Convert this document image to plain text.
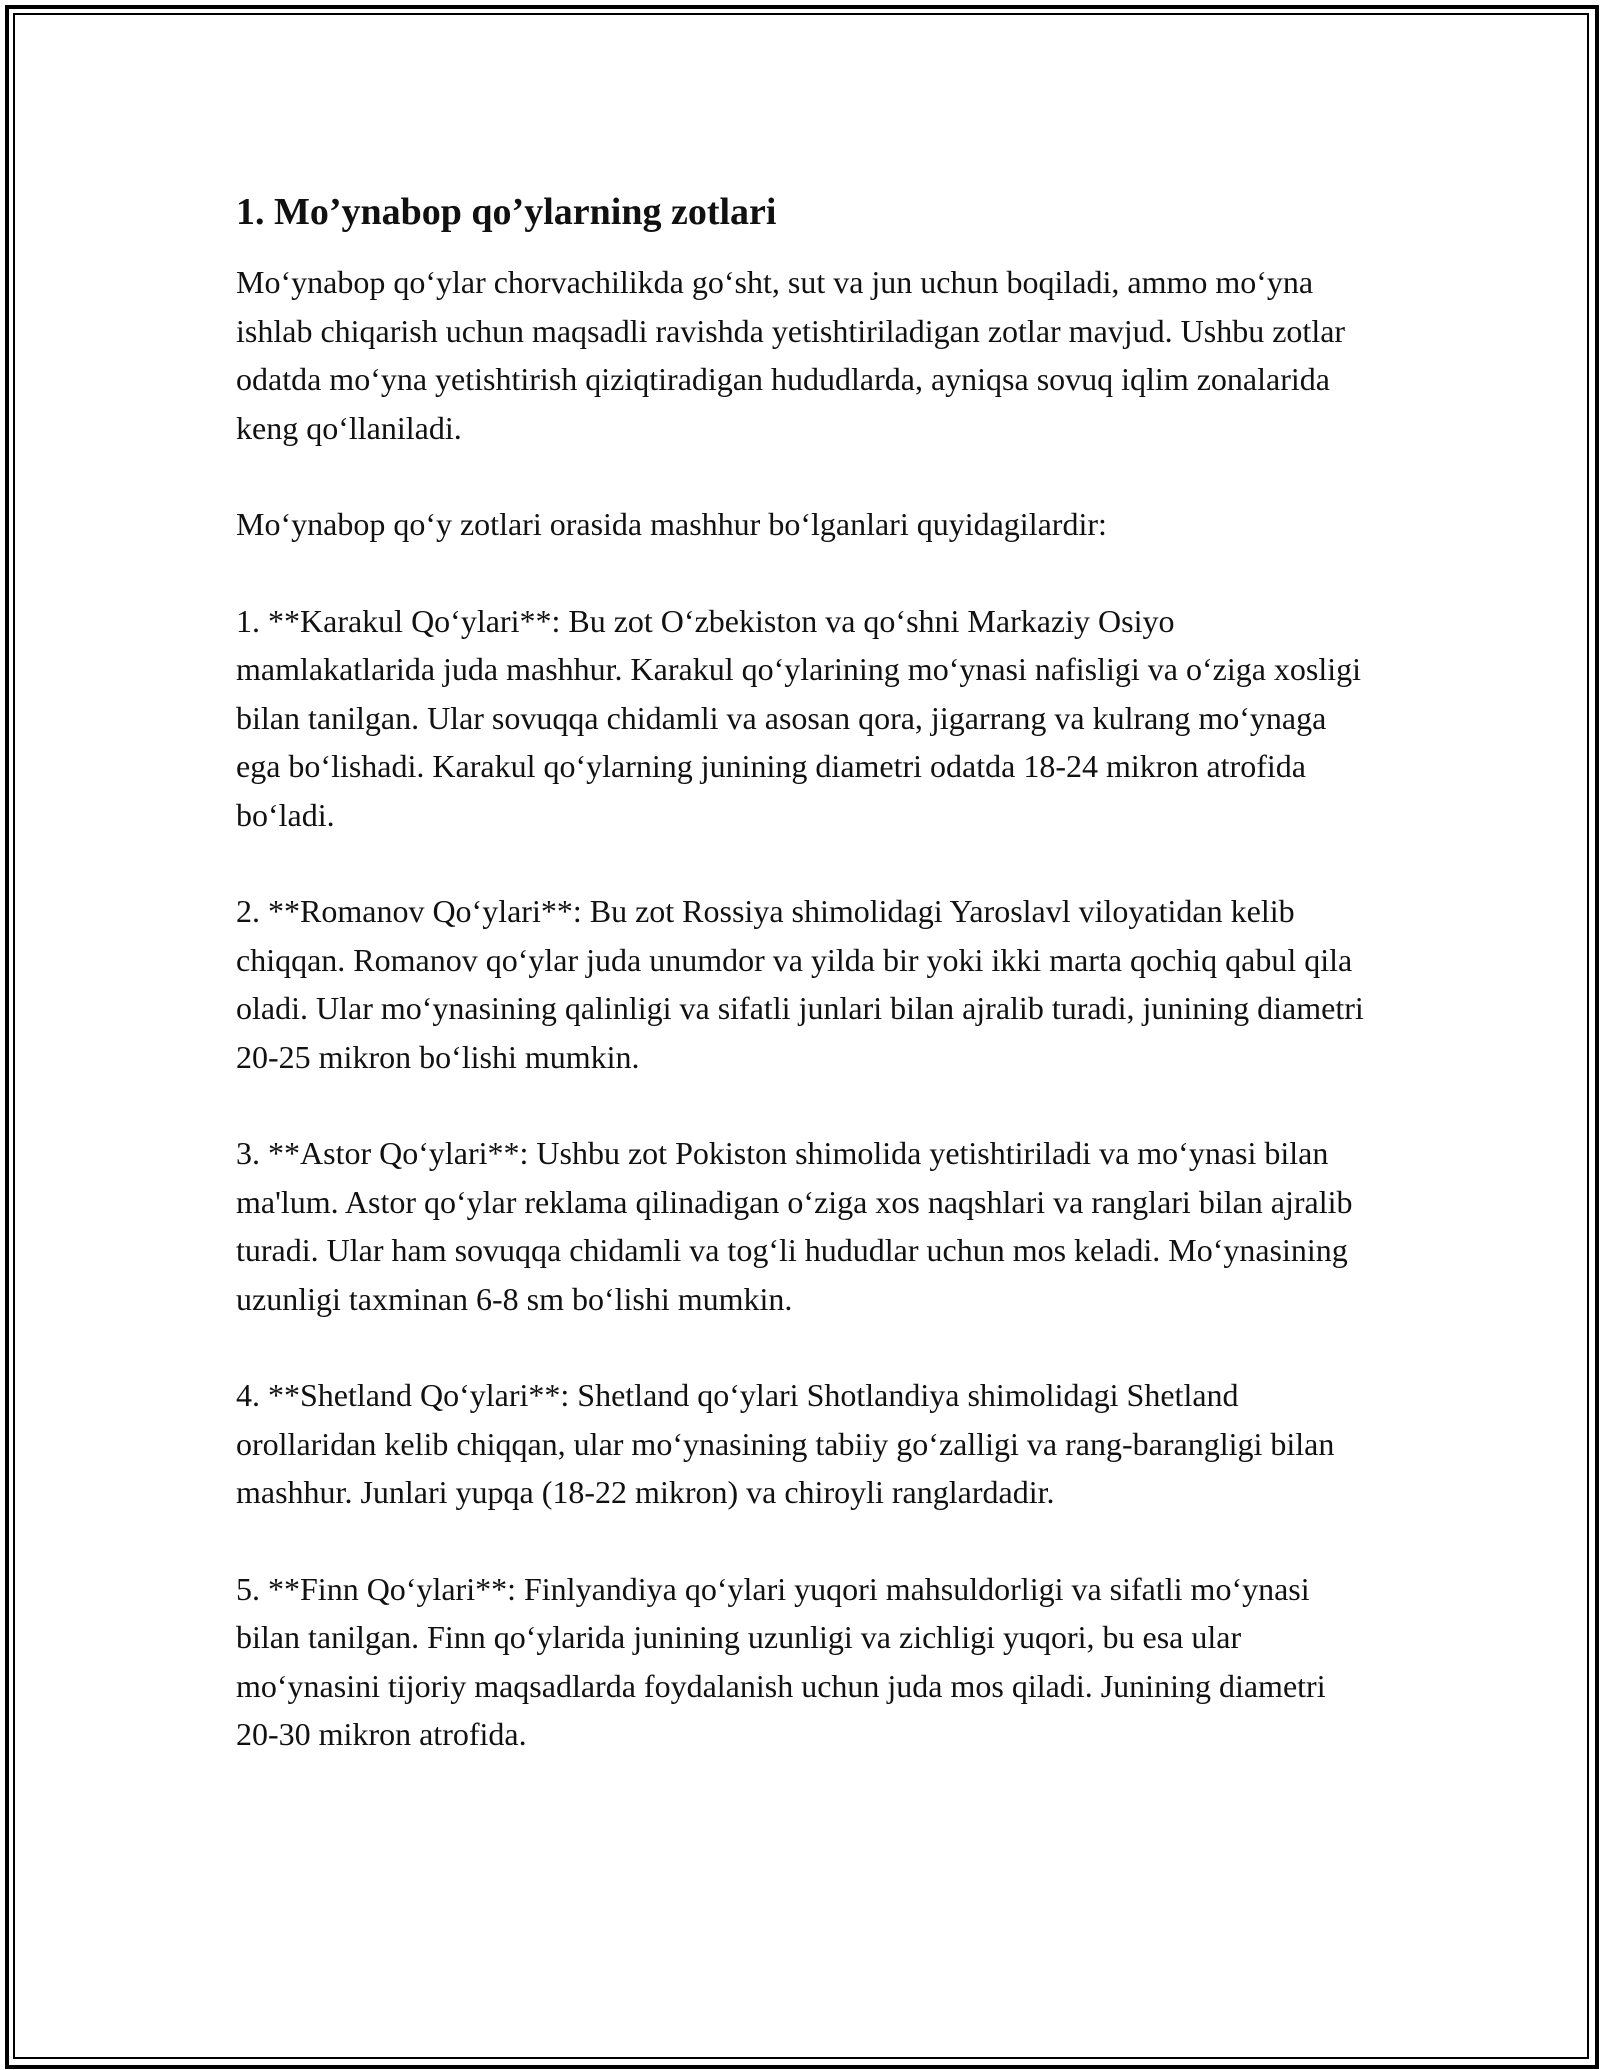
1. Mo’ynabop qo’ylarning zotlari

Moʻynabop qoʻylar chorvachilikda goʻsht, sut va jun uchun boqiladi, ammo moʻyna ishlab chiqarish uchun maqsadli ravishda yetishtiriladigan zotlar mavjud. Ushbu zotlar odatda moʻyna yetishtirish qiziqtiradigan hududlarda, ayniqsa sovuq iqlim zonalarida keng qoʻllaniladi.

Moʻynabop qoʻy zotlari orasida mashhur boʻlganlari quyidagilardir:

1. **Karakul Qoʻylari**: Bu zot Oʻzbekiston va qoʻshni Markaziy Osiyo mamlakatlarida juda mashhur. Karakul qoʻylarining moʻynasi nafisligi va oʻziga xosligi bilan tanilgan. Ular sovuqqa chidamli va asosan qora, jigarrang va kulrang moʻynaga ega boʻlishadi. Karakul qoʻylarning junining diametri odatda 18-24 mikron atrofida boʻladi.

2. **Romanov Qoʻylari**: Bu zot Rossiya shimolidagi Yaroslavl viloyatidan kelib chiqqan. Romanov qoʻylar juda unumdor va yilda bir yoki ikki marta qochiq qabul qila oladi. Ular moʻynasining qalinligi va sifatli junlari bilan ajralib turadi, junining diametri 20-25 mikron boʻlishi mumkin.

3. **Astor Qoʻylari**: Ushbu zot Pokiston shimolida yetishtiriladi va moʻynasi bilan ma'lum. Astor qoʻylar reklama qilinadigan oʻziga xos naqshlari va ranglari bilan ajralib turadi. Ular ham sovuqqa chidamli va togʻli hududlar uchun mos keladi. Moʻynasining uzunligi taxminan 6-8 sm boʻlishi mumkin.

4. **Shetland Qoʻylari**: Shetland qoʻylari Shotlandiya shimolidagi Shetland orollaridan kelib chiqqan, ular moʻynasining tabiiy goʻzalligi va rang-barangligi bilan mashhur. Junlari yupqa (18-22 mikron) va chiroyli ranglardadir.

5. **Finn Qoʻylari**: Finlyandiya qoʻylari yuqori mahsuldorligi va sifatli moʻynasi bilan tanilgan. Finn qoʻylarida junining uzunligi va zichligi yuqori, bu esa ular moʻynasini tijoriy maqsadlarda foydalanish uchun juda mos qiladi. Junining diametri 20-30 mikron atrofida.
